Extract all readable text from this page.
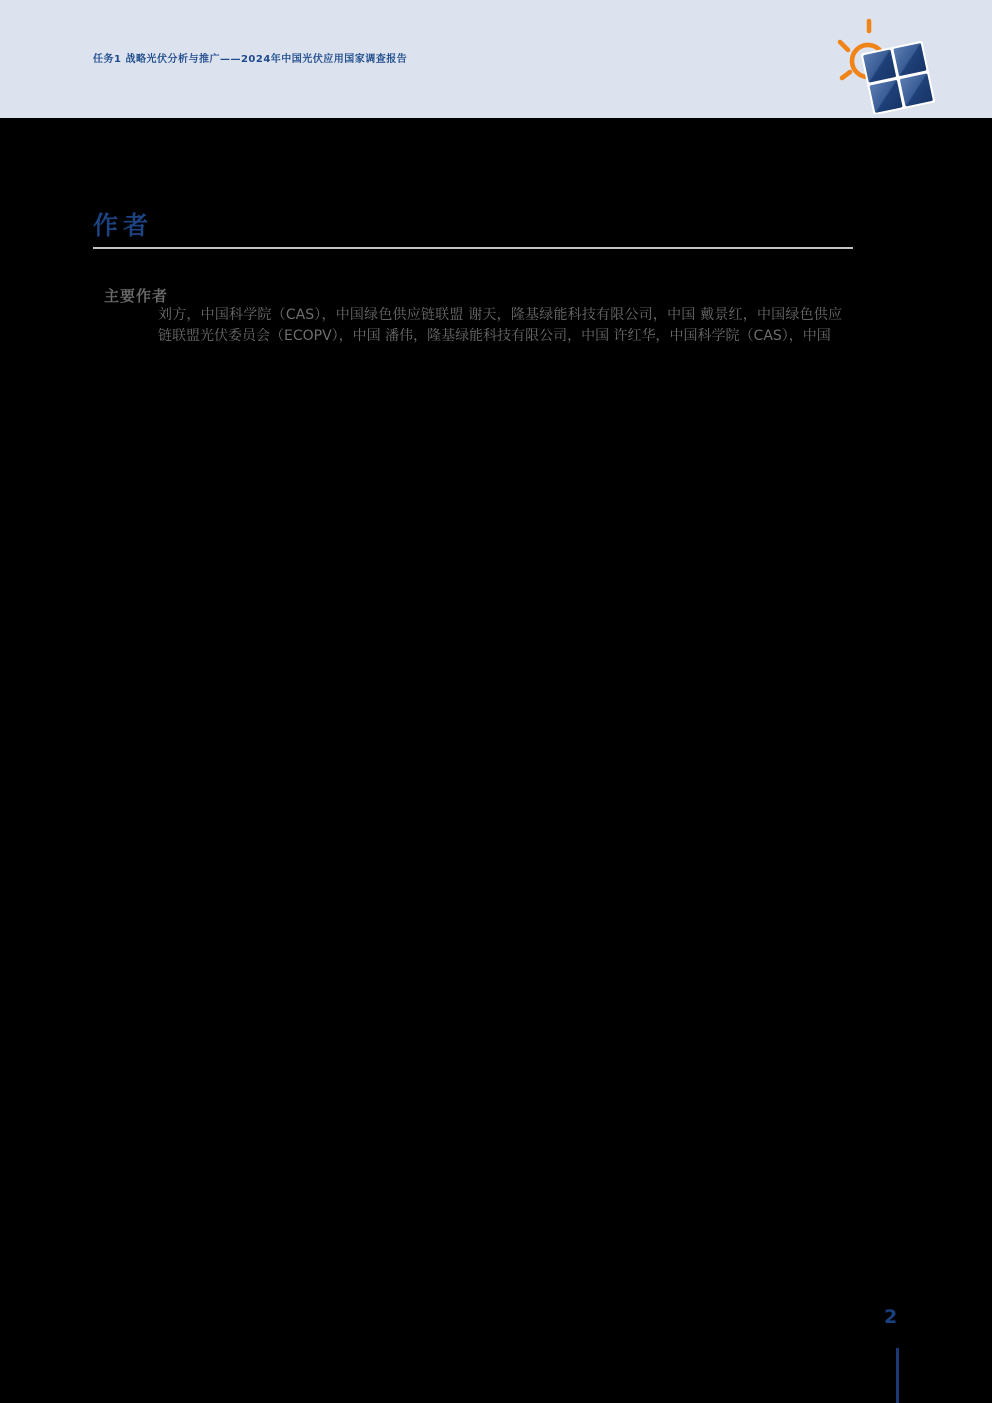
任务1 战略光伏分析与推广——2024年中国光伏应用国家调查报告
作者
主要作者
刘方，中国科学院（CAS），中国绿色供应链联盟 谢天，隆基绿能科技有限公司，中国 戴景红，中国绿色供应链联盟光伏委员会（ECOPV），中国 潘伟，隆基绿能科技有限公司，中国 许红华，中国科学院（CAS），中国
2
